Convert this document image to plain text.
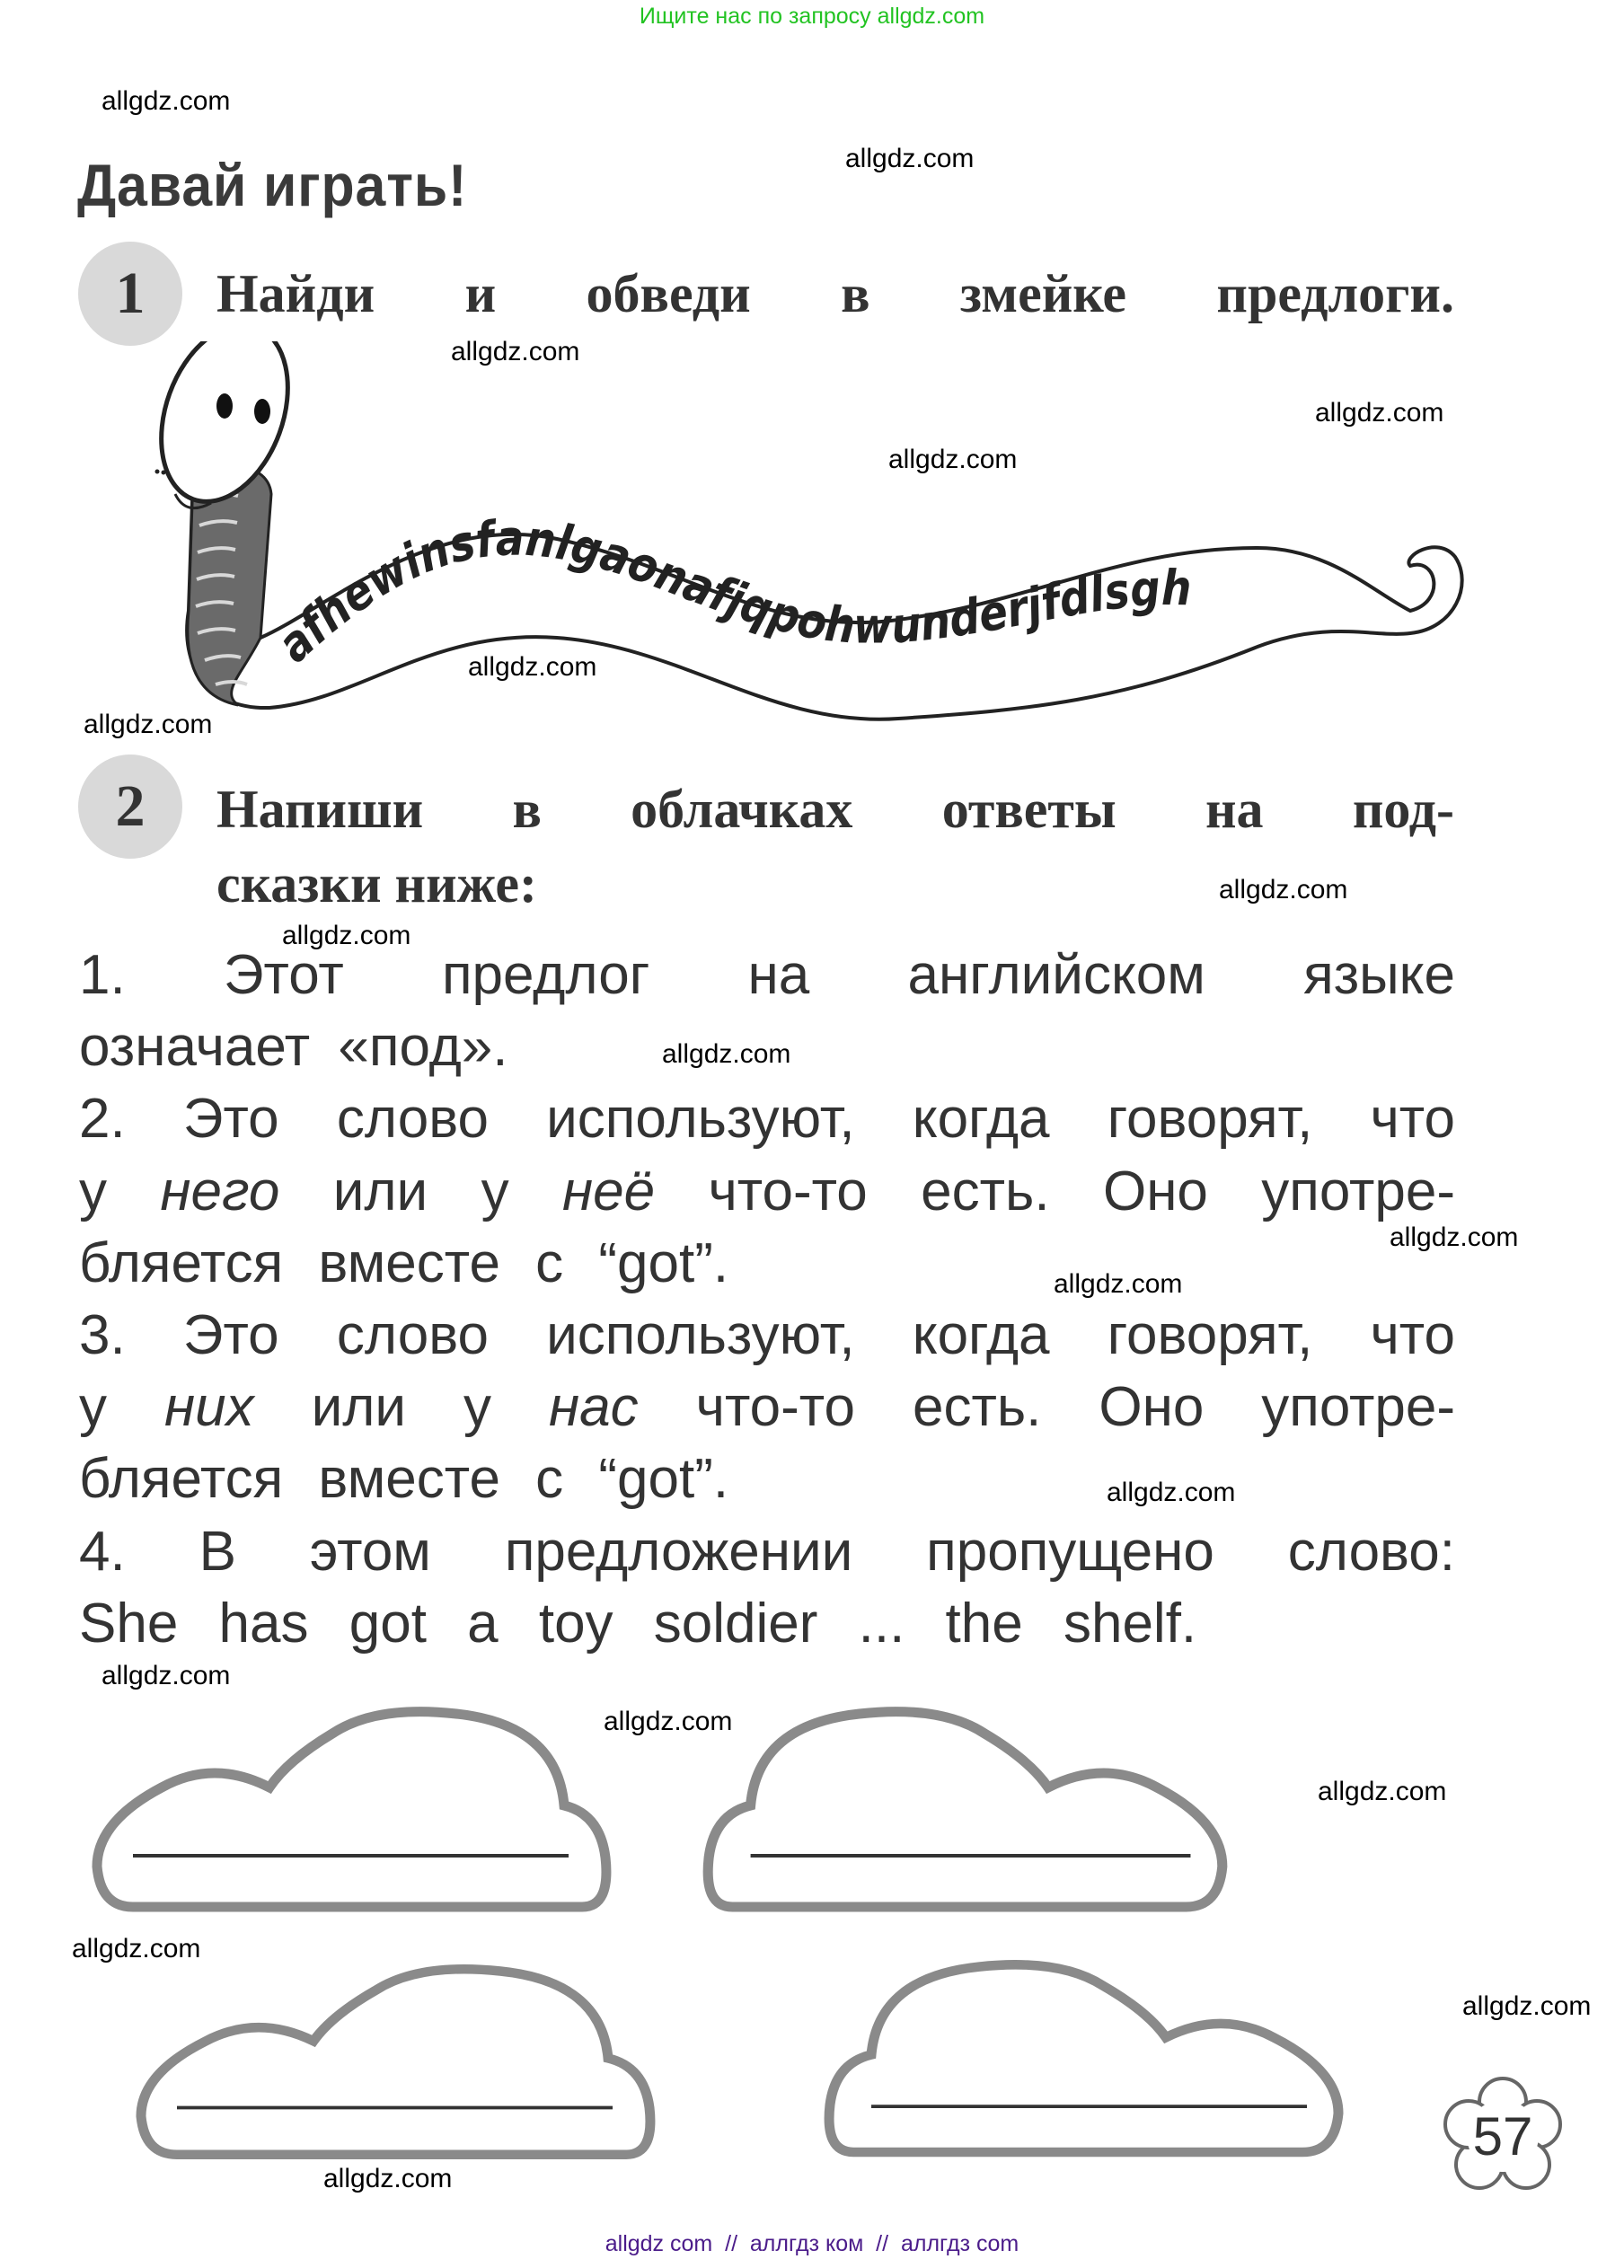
Ищите нас по запросу allgdz.com
allgdz.com
allgdz.com
allgdz.com
allgdz.com
allgdz.com
allgdz.com
allgdz.com
allgdz.com
allgdz.com
allgdz.com
allgdz.com
allgdz.com
allgdz.com
allgdz.com
allgdz.com
allgdz.com
allgdz.com
allgdz.com
allgdz.com
Давай играть!
1 Найди и обведи в змейке предлоги.
afhewinsfanlgaonafjqpohwunderjfdlsgh
2 Напиши в облачках ответы на под-
сказки ниже:
1. Этот предлог на английском языке
означает «под».
2. Это слово используют, когда говорят, что
у него или у неё что-то есть. Оно употре-
бляется вместе с “got”.
3. Это слово используют, когда говорят, что
у них или у нас что-то есть. Оно употре-
бляется вместе с “got”.
4. В этом предложении пропущено слово:
She has got a toy soldier ... the shelf.
57
allgdz com  //  аллгдз ком  //  аллгдз com
